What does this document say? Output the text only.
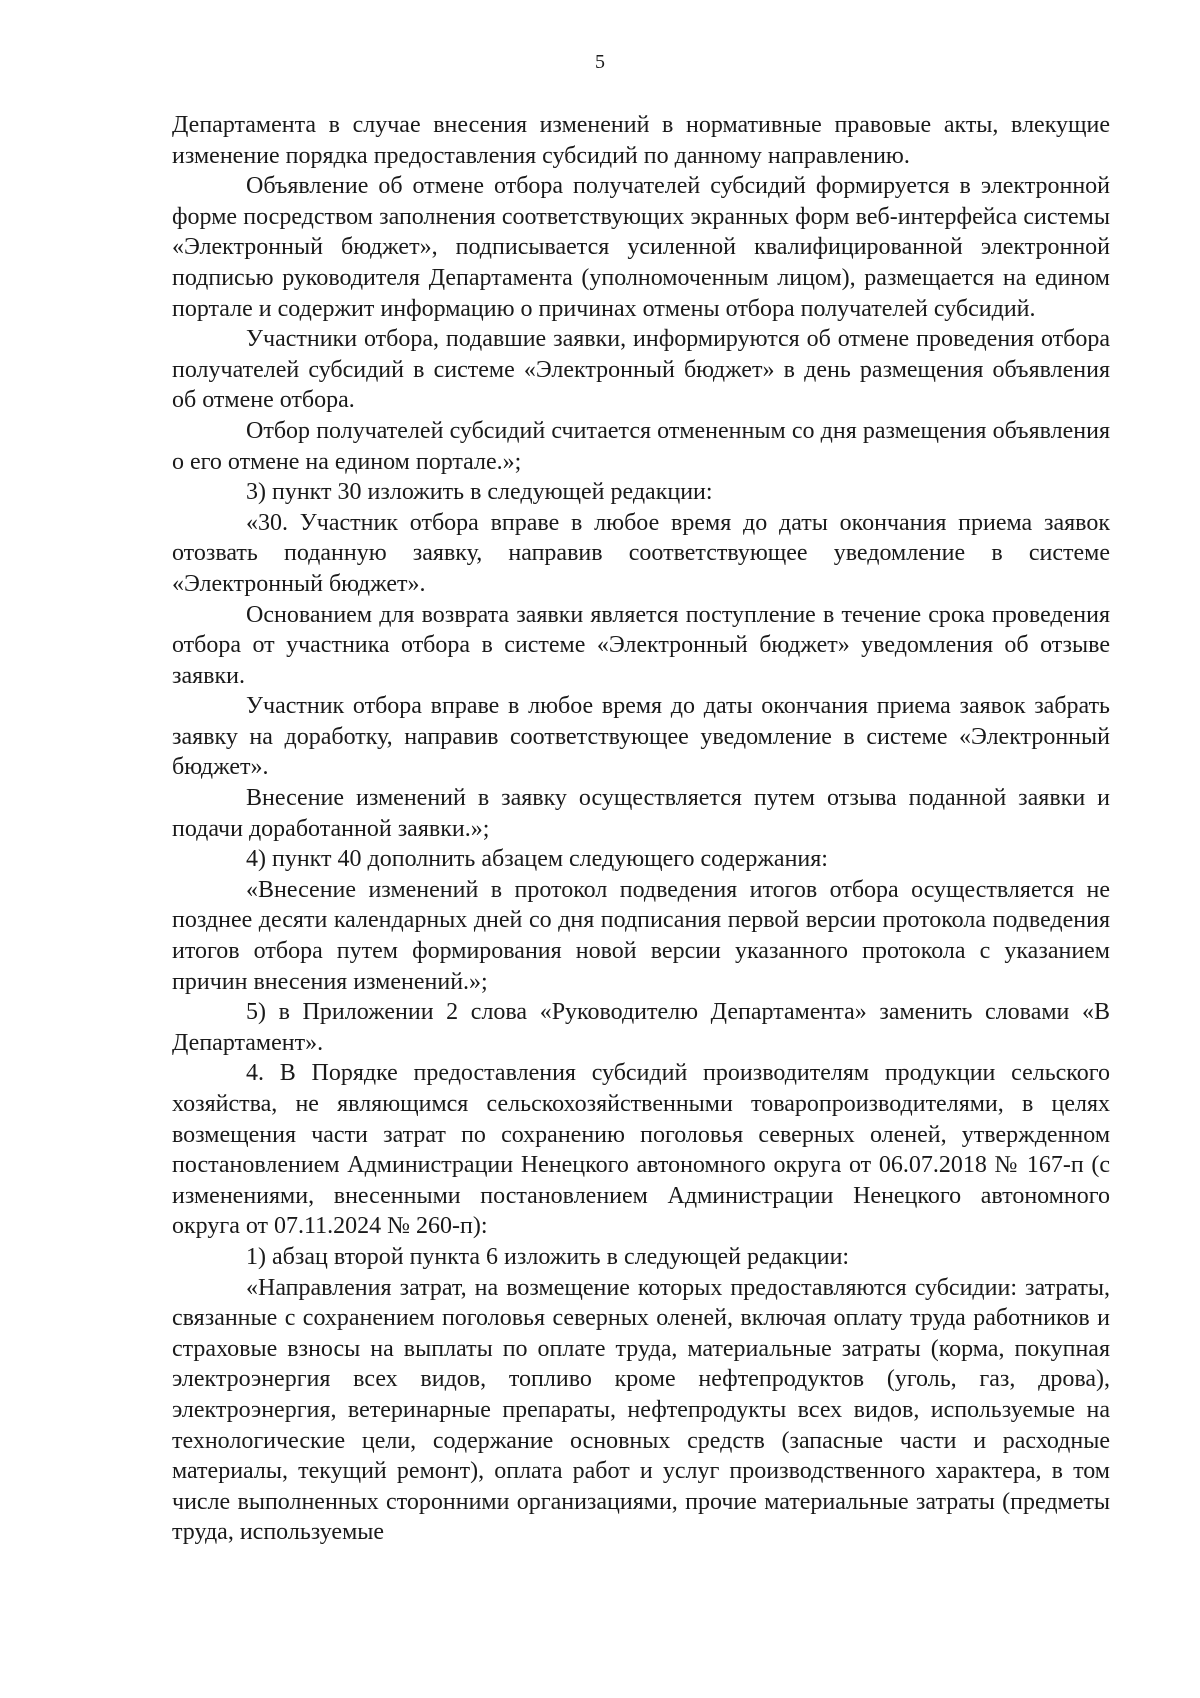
5

Департамента в случае внесения изменений в нормативные правовые акты, влекущие изменение порядка предоставления субсидий по данному направлению.

Объявление об отмене отбора получателей субсидий формируется в электронной форме посредством заполнения соответствующих экранных форм веб-интерфейса системы «Электронный бюджет», подписывается усиленной квалифицированной электронной подписью руководителя Департамента (уполномоченным лицом), размещается на едином портале и содержит информацию о причинах отмены отбора получателей субсидий.

Участники отбора, подавшие заявки, информируются об отмене проведения отбора получателей субсидий в системе «Электронный бюджет» в день размещения объявления об отмене отбора.

Отбор получателей субсидий считается отмененным со дня размещения объявления о его отмене на едином портале.»;

3) пункт 30 изложить в следующей редакции:

«30. Участник отбора вправе в любое время до даты окончания приема заявок отозвать поданную заявку, направив соответствующее уведомление в системе «Электронный бюджет».

Основанием для возврата заявки является поступление в течение срока проведения отбора от участника отбора в системе «Электронный бюджет» уведомления об отзыве заявки.

Участник отбора вправе в любое время до даты окончания приема заявок забрать заявку на доработку, направив соответствующее уведомление в системе «Электронный бюджет».

Внесение изменений в заявку осуществляется путем отзыва поданной заявки и подачи доработанной заявки.»;

4) пункт 40 дополнить абзацем следующего содержания:

«Внесение изменений в протокол подведения итогов отбора осуществляется не позднее десяти календарных дней со дня подписания первой версии протокола подведения итогов отбора путем формирования новой версии указанного протокола с указанием причин внесения изменений.»;

5) в Приложении 2 слова «Руководителю Департамента» заменить словами «В Департамент».

4. В Порядке предоставления субсидий производителям продукции сельского хозяйства, не являющимся сельскохозяйственными товаропроизводителями, в целях возмещения части затрат по сохранению поголовья северных оленей, утвержденном постановлением Администрации Ненецкого автономного округа от 06.07.2018 № 167-п (с изменениями, внесенными постановлением Администрации Ненецкого автономного округа от 07.11.2024 № 260-п):

1) абзац второй пункта 6 изложить в следующей редакции:

«Направления затрат, на возмещение которых предоставляются субсидии: затраты, связанные с сохранением поголовья северных оленей, включая оплату труда работников и страховые взносы на выплаты по оплате труда, материальные затраты (корма, покупная электроэнергия всех видов, топливо кроме нефтепродуктов (уголь, газ, дрова), электроэнергия, ветеринарные препараты, нефтепродукты всех видов, используемые на технологические цели, содержание основных средств (запасные части и расходные материалы, текущий ремонт), оплата работ и услуг производственного характера, в том числе выполненных сторонними организациями, прочие материальные затраты (предметы труда, используемые
